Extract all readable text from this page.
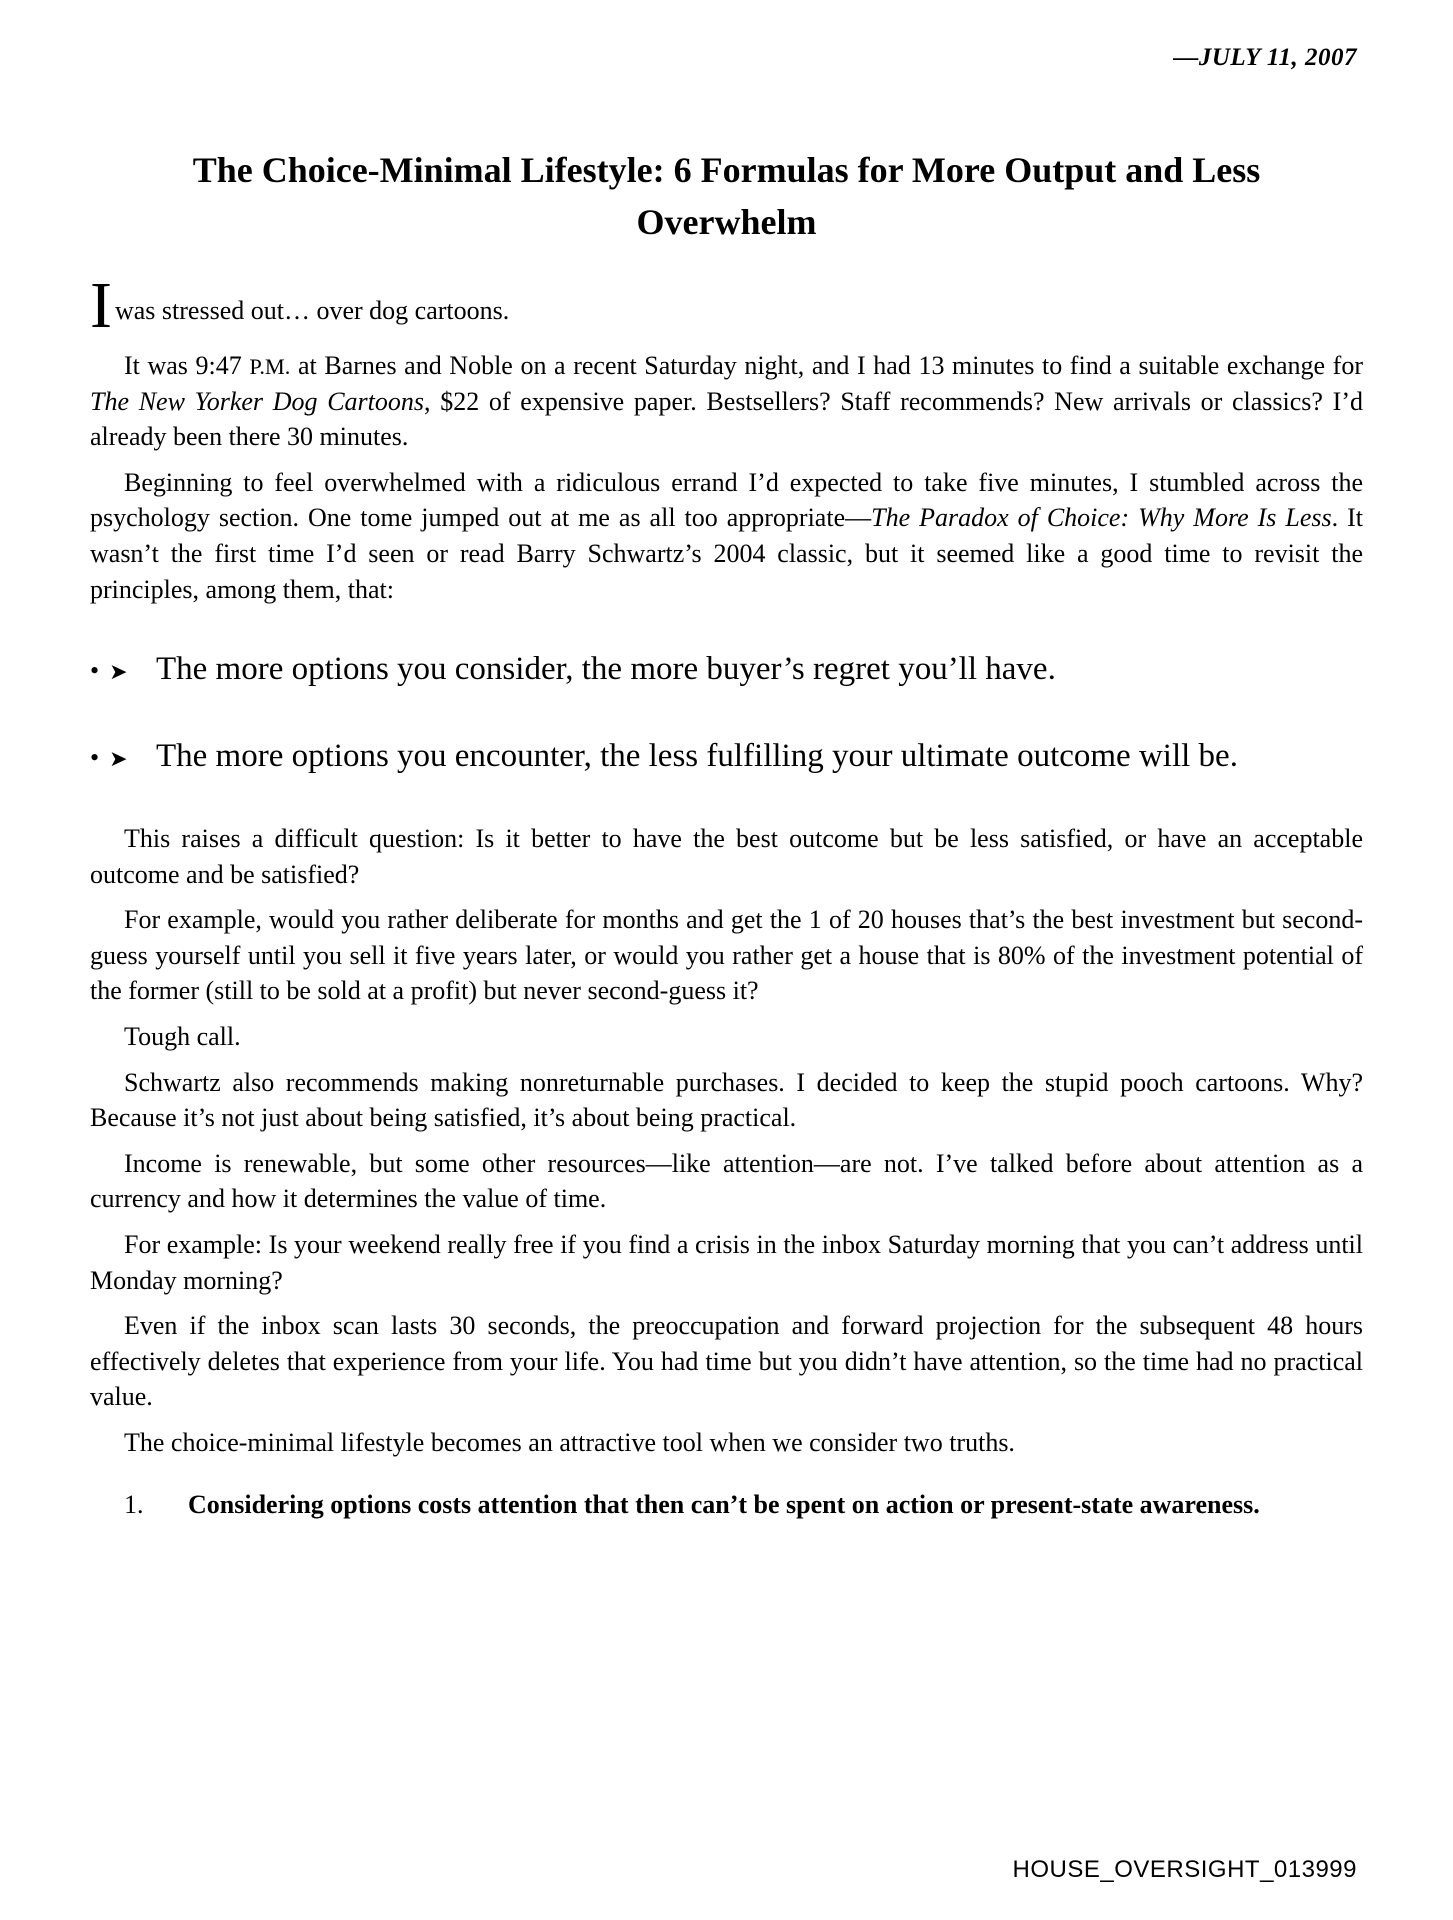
—JULY 11, 2007
The Choice-Minimal Lifestyle: 6 Formulas for More Output and Less Overwhelm

Iwas stressed out… over dog cartoons.

It was 9:47 P.M. at Barnes and Noble on a recent Saturday night, and I had 13 minutes to find a suitable exchange for The New Yorker Dog Cartoons, $22 of expensive paper. Bestsellers? Staff recommends? New arrivals or classics? I’d already been there 30 minutes.

Beginning to feel overwhelmed with a ridiculous errand I’d expected to take five minutes, I stumbled across the psychology section. One tome jumped out at me as all too appropriate—The Paradox of Choice: Why More Is Less. It wasn’t the first time I’d seen or read Barry Schwartz’s 2004 classic, but it seemed like a good time to revisit the principles, among them, that:

• ➤ The more options you consider, the more buyer’s regret you’ll have.
• ➤ The more options you encounter, the less fulfilling your ultimate outcome will be.

This raises a difficult question: Is it better to have the best outcome but be less satisfied, or have an acceptable outcome and be satisfied?

For example, would you rather deliberate for months and get the 1 of 20 houses that’s the best investment but second-guess yourself until you sell it five years later, or would you rather get a house that is 80% of the investment potential of the former (still to be sold at a profit) but never second-guess it?

Tough call.

Schwartz also recommends making nonreturnable purchases. I decided to keep the stupid pooch cartoons. Why? Because it’s not just about being satisfied, it’s about being practical.

Income is renewable, but some other resources—like attention—are not. I’ve talked before about attention as a currency and how it determines the value of time.

For example: Is your weekend really free if you find a crisis in the inbox Saturday morning that you can’t address until Monday morning?

Even if the inbox scan lasts 30 seconds, the preoccupation and forward projection for the subsequent 48 hours effectively deletes that experience from your life. You had time but you didn’t have attention, so the time had no practical value.

The choice-minimal lifestyle becomes an attractive tool when we consider two truths.

1. Considering options costs attention that then can’t be spent on action or present-state awareness.
HOUSE_OVERSIGHT_013999
